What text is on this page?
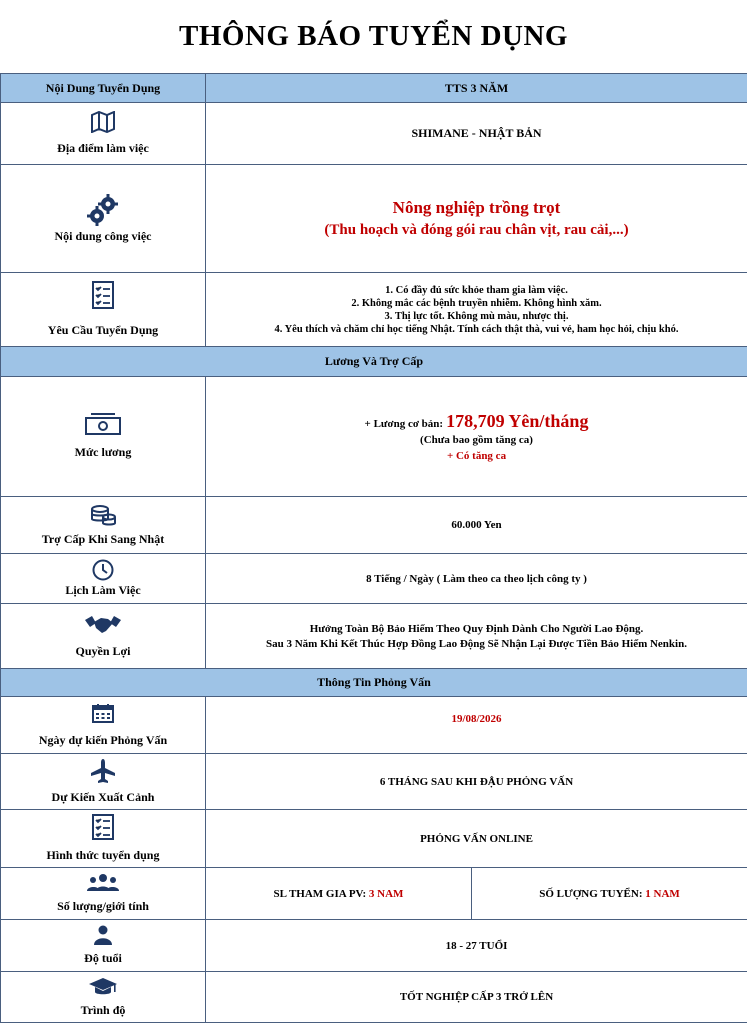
THÔNG BÁO TUYỂN DỤNG
Nội Dung Tuyển Dụng	TTS 3 NĂM	

Địa điểm làm việc	SHIMANE - NHẬT BẢN	

Nội dung công việc	Nông nghiệp trồng trọt
(Thu hoạch và đóng gói rau chân vịt, rau cải,...)	

Yêu Cầu Tuyển Dụng	1. Có đầy đủ sức khỏe tham gia làm việc.

2. Không mắc các bệnh truyền nhiễm. Không hình xăm.

3. Thị lực tốt. Không mù màu, nhược thị.

4. Yêu thích và chăm chỉ học tiếng Nhật. Tính cách thật thà, vui vẻ, ham học hỏi, chịu khó.	

Lương Và Trợ Cấp		

Mức lương	+ Lương cơ bản: 178,709 Yên/tháng
(Chưa bao gồm tăng ca)
+ Có tăng ca	

Trợ Cấp Khi Sang Nhật	60.000 Yen	

Lịch Làm Việc	8 Tiếng / Ngày ( Làm theo ca theo lịch công ty )	

Quyền Lợi	Hưởng Toàn Bộ Bảo Hiểm Theo Quy Định Dành Cho Người Lao Động.

Sau 3 Năm Khi Kết Thúc Hợp Đồng Lao Động Sẽ Nhận Lại Được Tiền Bảo Hiểm Nenkin.	

Thông Tin Phỏng Vấn		

Ngày dự kiến Phỏng Vấn	19/08/2026	

Dự Kiến Xuất Cảnh	6 THÁNG SAU KHI ĐẬU PHỎNG VẤN	

Hình thức tuyển dụng	PHỎNG VẤN ONLINE	

Số lượng/giới tính	SL THAM GIA PV: 3 NAM	SỐ LƯỢNG TUYỂN: 1 NAM

Độ tuổi	18 - 27 TUỔI	

Trình độ	TỐT NGHIỆP CẤP 3 TRỞ LÊN	
